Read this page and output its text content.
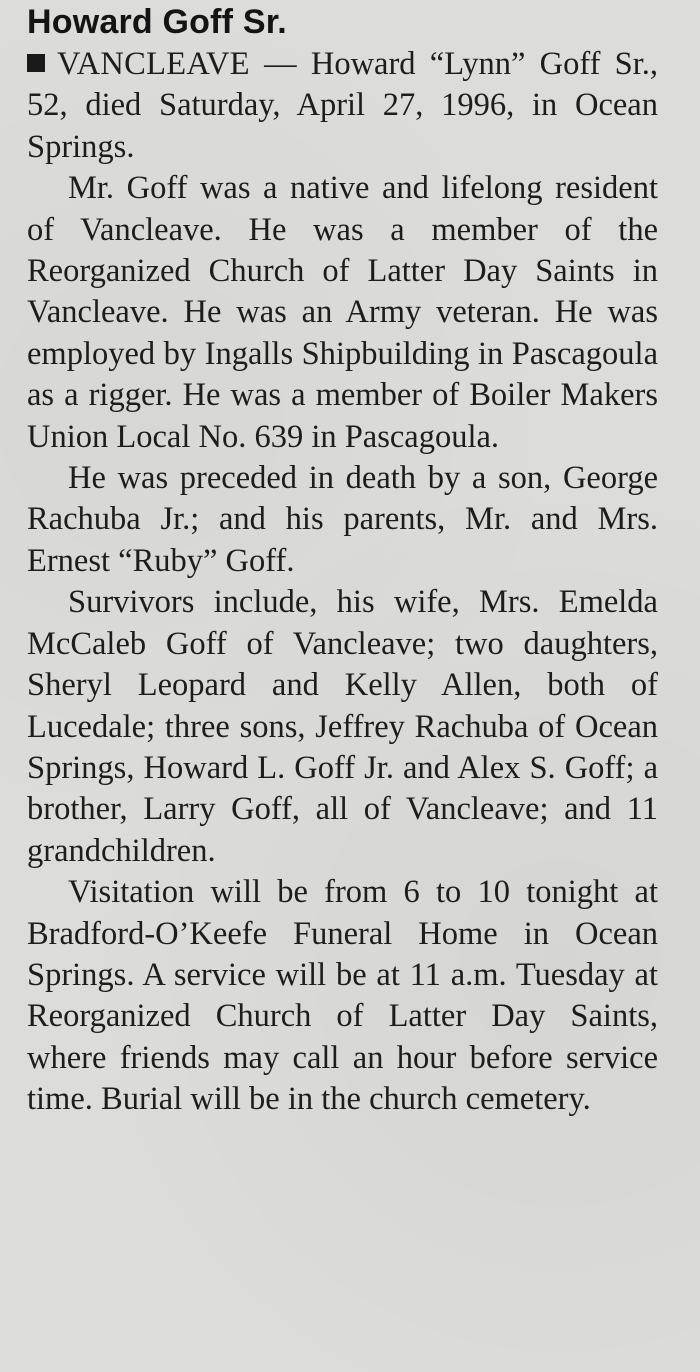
Howard Goff Sr.

VANCLEAVE — Howard “Lynn” Goff Sr., 52, died Saturday, April 27, 1996, in Ocean Springs.

Mr. Goff was a native and lifelong resident of Vancleave. He was a member of the Reorganized Church of Latter Day Saints in Vancleave. He was an Army veteran. He was employed by Ingalls Shipbuilding in Pascagoula as a rigger. He was a member of Boiler Makers Union Local No. 639 in Pascagoula.

He was preceded in death by a son, George Rachuba Jr.; and his parents, Mr. and Mrs. Ernest “Ruby” Goff.

Survivors include, his wife, Mrs. Emelda McCaleb Goff of Vancleave; two daughters, Sheryl Leopard and Kelly Allen, both of Lucedale; three sons, Jeffrey Rachuba of Ocean Springs, Howard L. Goff Jr. and Alex S. Goff; a brother, Larry Goff, all of Vancleave; and 11 grandchildren.

Visitation will be from 6 to 10 tonight at Bradford-O’Keefe Funeral Home in Ocean Springs. A service will be at 11 a.m. Tuesday at Reorganized Church of Latter Day Saints, where friends may call an hour before service time. Burial will be in the church cemetery.
